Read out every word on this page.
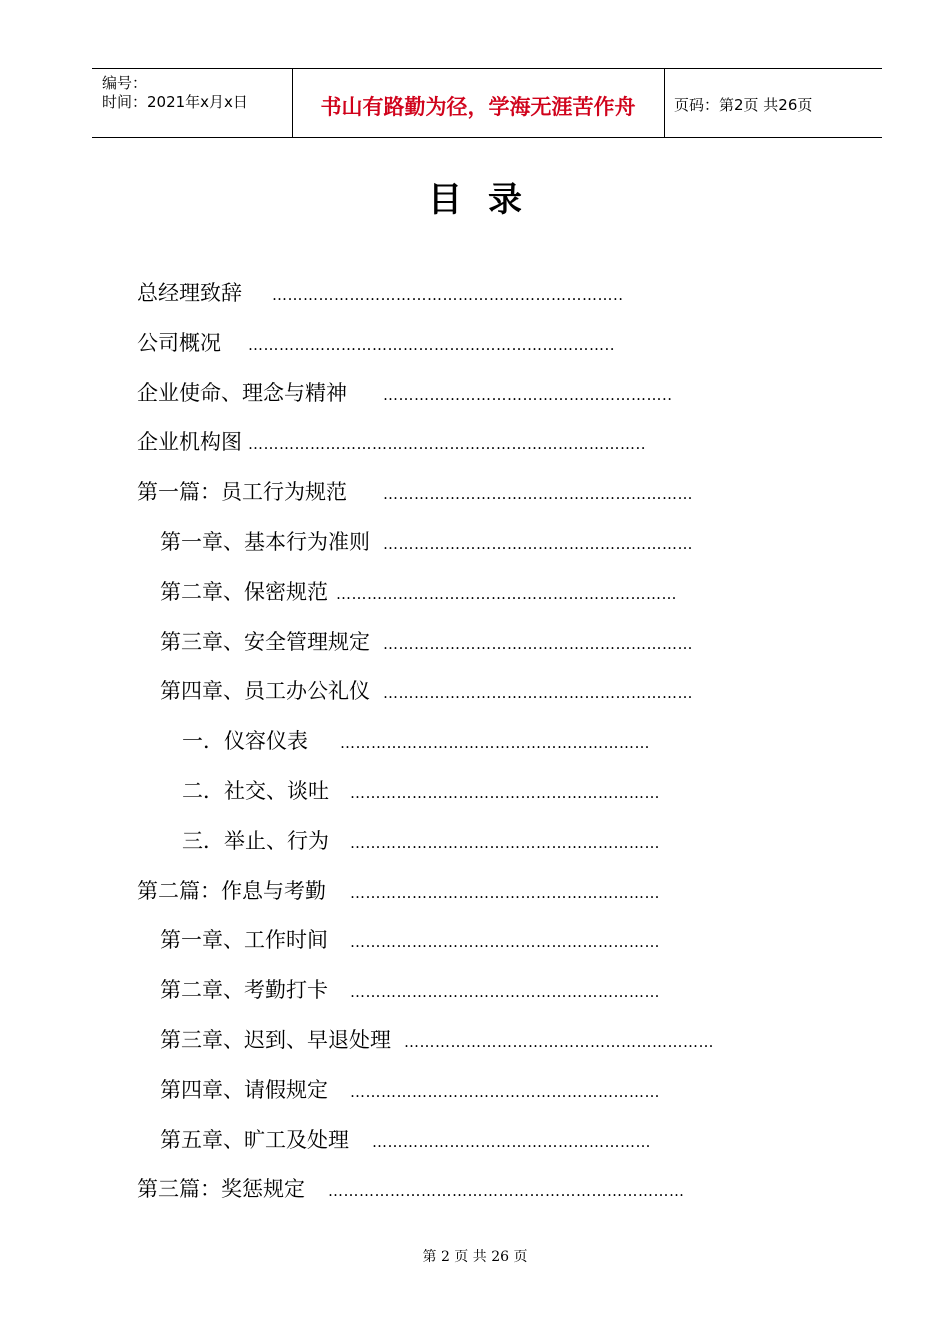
编号：
时间：2021年x月x日	书山有路勤为径，学海无涯苦作舟	页码：第2页 共26页
目录
总经理致辞 …………………………………………………………..
公司概况 ……………………………………………………………..
企业使命、理念与精神 ………………………………………………..
企业机构图 …………………………………………………………………..
第一篇：员工行为规范 ……………………………………………………
第一章、基本行为准则 ……………………………………………………
第二章、保密规范 …………………………………………………………
第三章、安全管理规定 ……………………………………………………
第四章、员工办公礼仪 ……………………………………………………
一．仪容仪表 ……………………………………………………
二．社交、谈吐 ……………………………………………………
三．举止、行为 ……………………………………………………
第二篇：作息与考勤 ……………………………………………………
第一章、工作时间 ……………………………………………………
第二章、考勤打卡 ……………………………………………………
第三章、迟到、早退处理 ……………………………………………………
第四章、请假规定 ……………………………………………………
第五章、旷工及处理 ………………………………………………
第三篇：奖惩规定 ……………………………………………………………
第 2 页 共 26 页
